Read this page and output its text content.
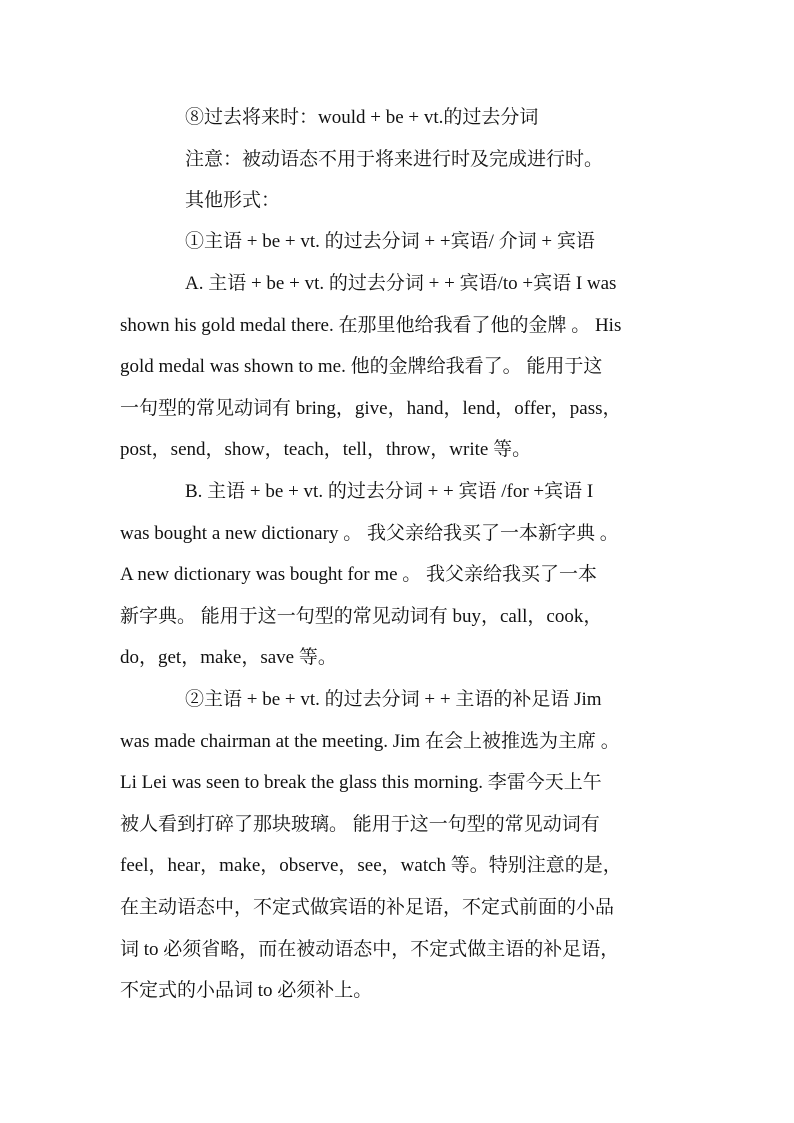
⑧过去将来时：would + be + vt.的过去分词
注意：被动语态不用于将来进行时及完成进行时。
其他形式：
①主语 + be + vt. 的过去分词 + +宾语/ 介词 + 宾语
A. 主语 + be + vt. 的过去分词 + + 宾语/to +宾语 I was
shown his gold medal there. 在那里他给我看了他的金牌 。 His
gold medal was shown to me. 他的金牌给我看了。 能用于这
一句型的常见动词有 bring，give，hand，lend，offer，pass，
post，send，show，teach，tell，throw，write 等。
B. 主语 + be + vt. 的过去分词 + + 宾语 /for +宾语 I
was bought a new dictionary 。 我父亲给我买了一本新字典 。
A new dictionary was bought for me 。 我父亲给我买了一本
新字典。 能用于这一句型的常见动词有 buy，call，cook，
do，get，make，save 等。
②主语 + be + vt. 的过去分词 + + 主语的补足语 Jim
was made chairman at the meeting. Jim 在会上被推选为主席 。
Li Lei was seen to break the glass this morning. 李雷今天上午
被人看到打碎了那块玻璃。 能用于这一句型的常见动词有
feel，hear，make，observe，see，watch 等。特别注意的是，
在主动语态中，不定式做宾语的补足语，不定式前面的小品
词 to 必须省略，而在被动语态中，不定式做主语的补足语，
不定式的小品词 to 必须补上。
